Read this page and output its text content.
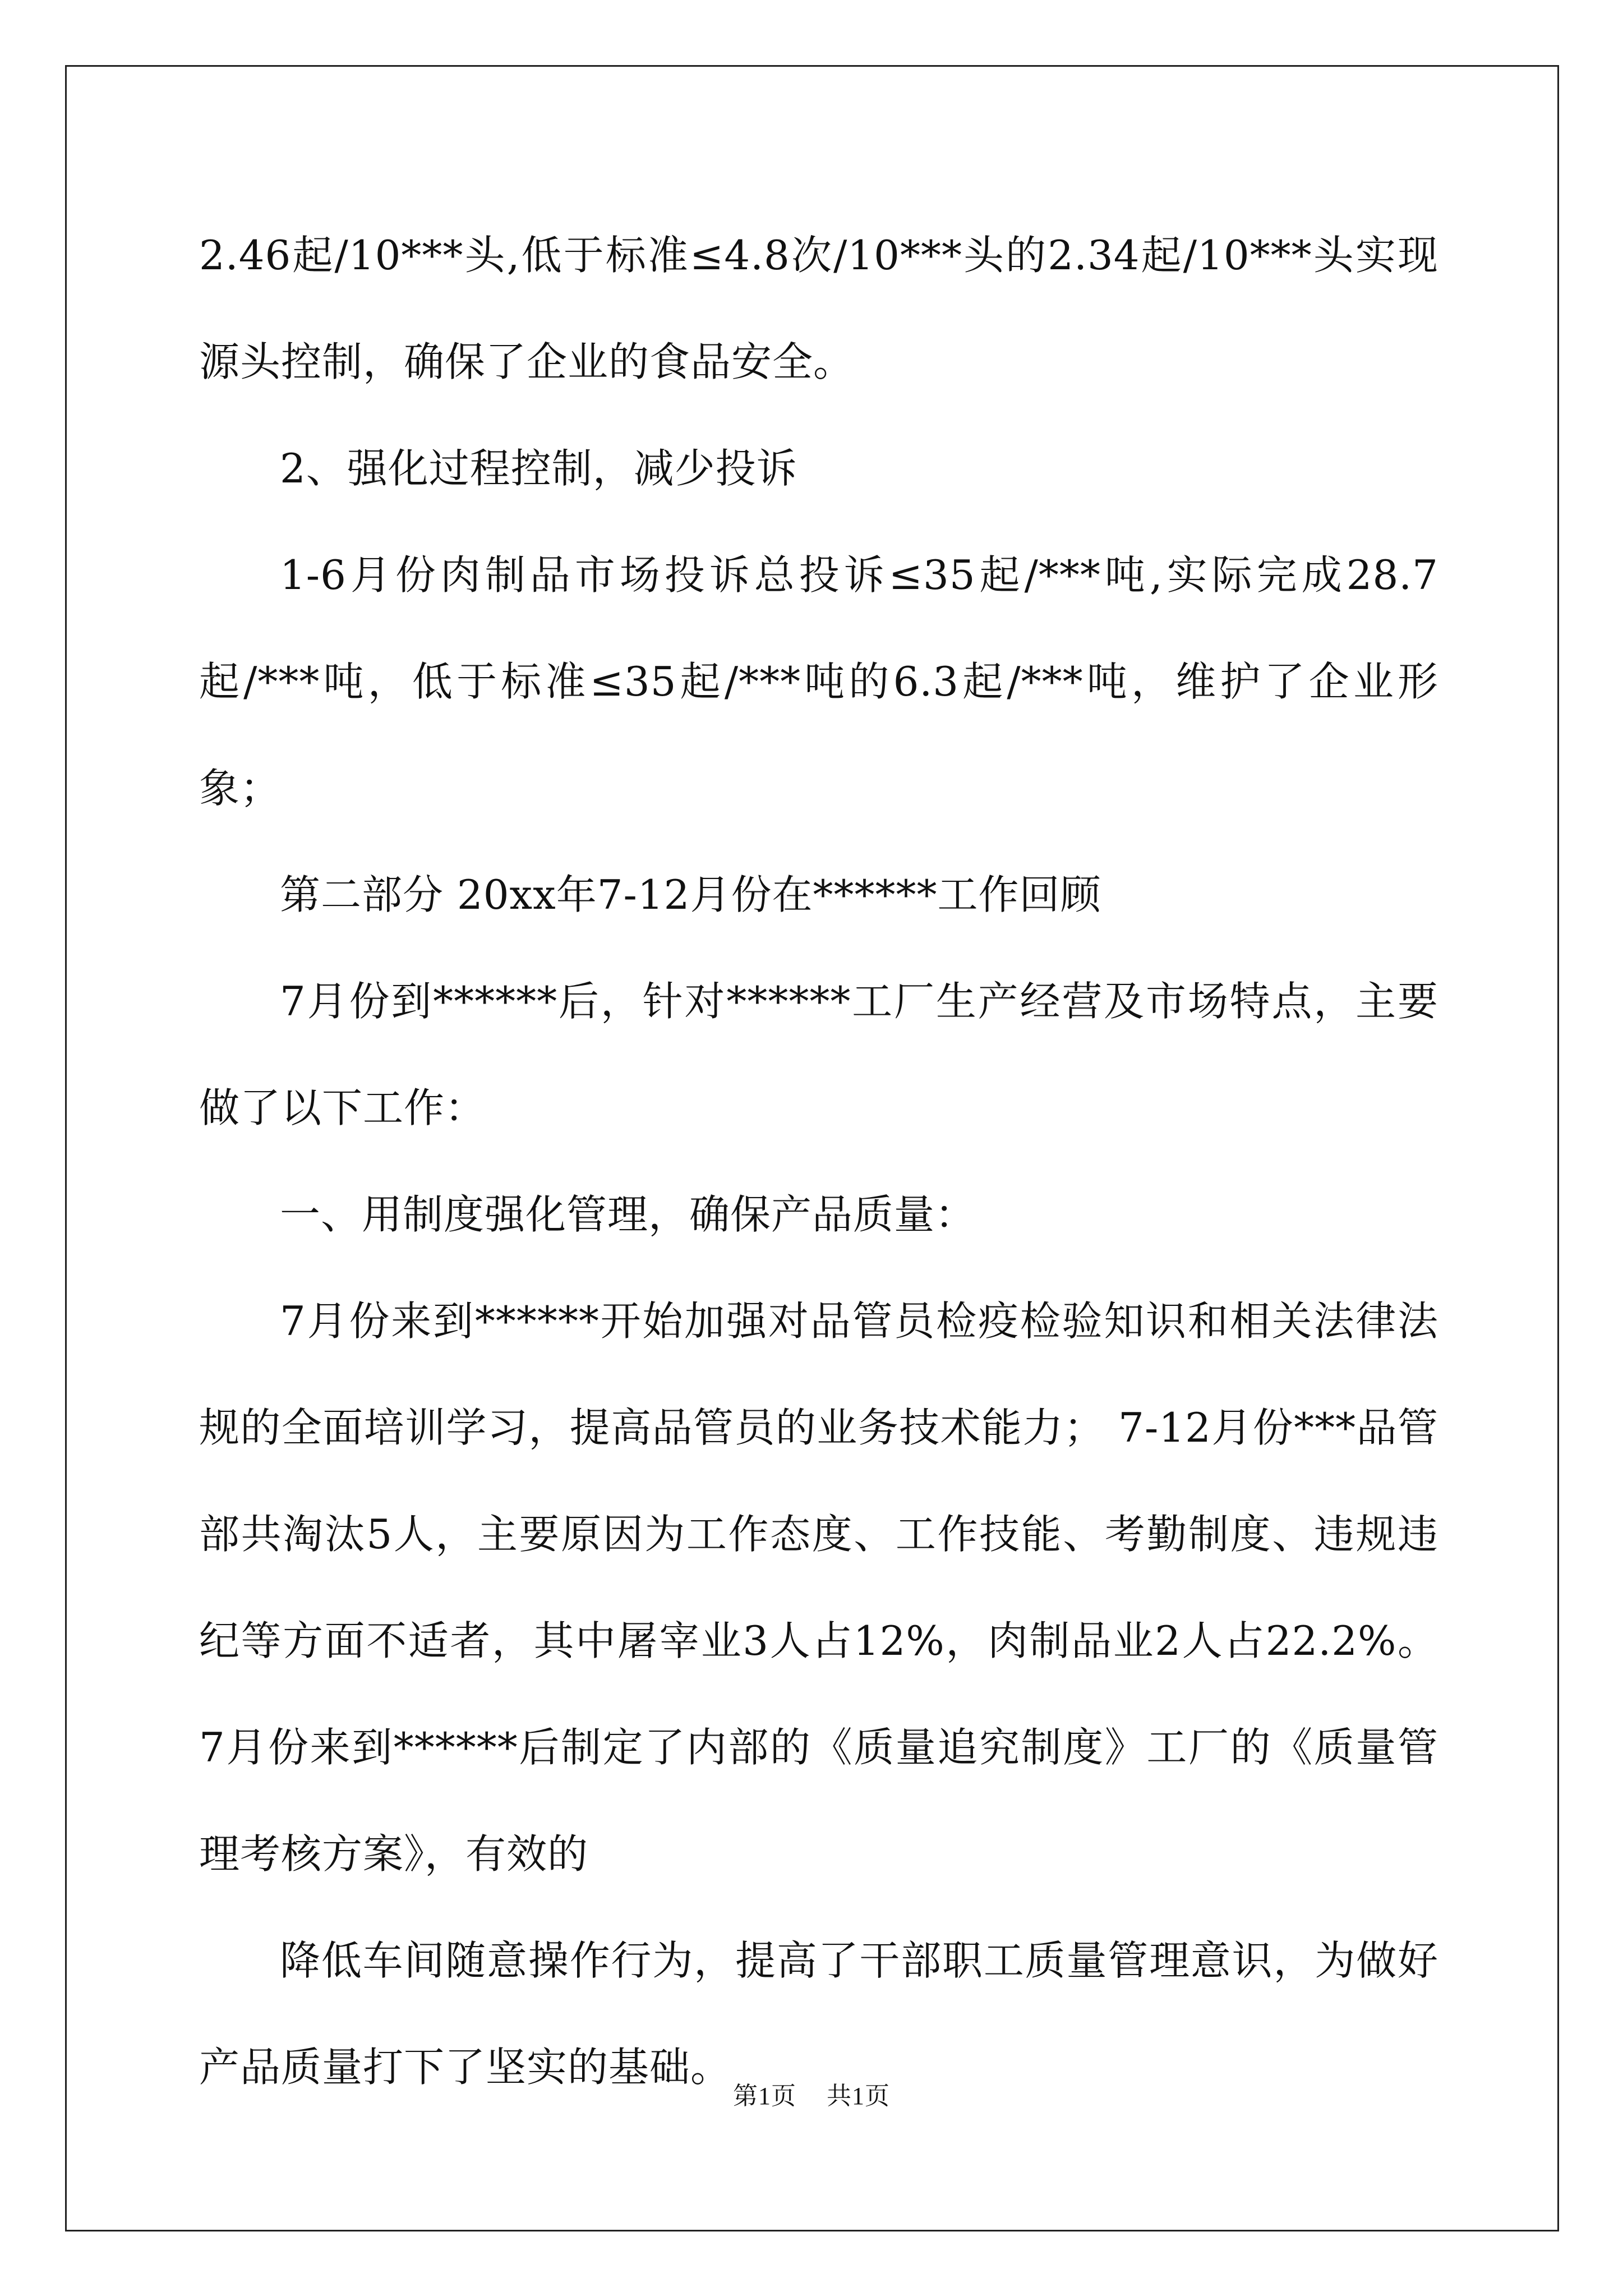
2.46起/10***头,低于标准≤4.8次/10***头的2.34起/10***头实现源头控制，确保了企业的食品安全。

2、强化过程控制，减少投诉

1-6月份肉制品市场投诉总投诉≤35起/***吨,实际完成28.7起/***吨，低于标准≤35起/***吨的6.3起/***吨，维护了企业形象；

第二部分 20xx年7-12月份在******工作回顾

7月份到******后，针对******工厂生产经营及市场特点，主要做了以下工作：

一、用制度强化管理，确保产品质量：

7月份来到******开始加强对品管员检疫检验知识和相关法律法规的全面培训学习，提高品管员的业务技术能力； 7-12月份***品管部共淘汰5人，主要原因为工作态度、工作技能、考勤制度、违规违纪等方面不适者，其中屠宰业3人占12%，肉制品业2人占22.2%。7月份来到******后制定了内部的《质量追究制度》工厂的《质量管理考核方案》，有效的

降低车间随意操作行为，提高了干部职工质量管理意识，为做好产品质量打下了坚实的基础。

第1页 共1页
